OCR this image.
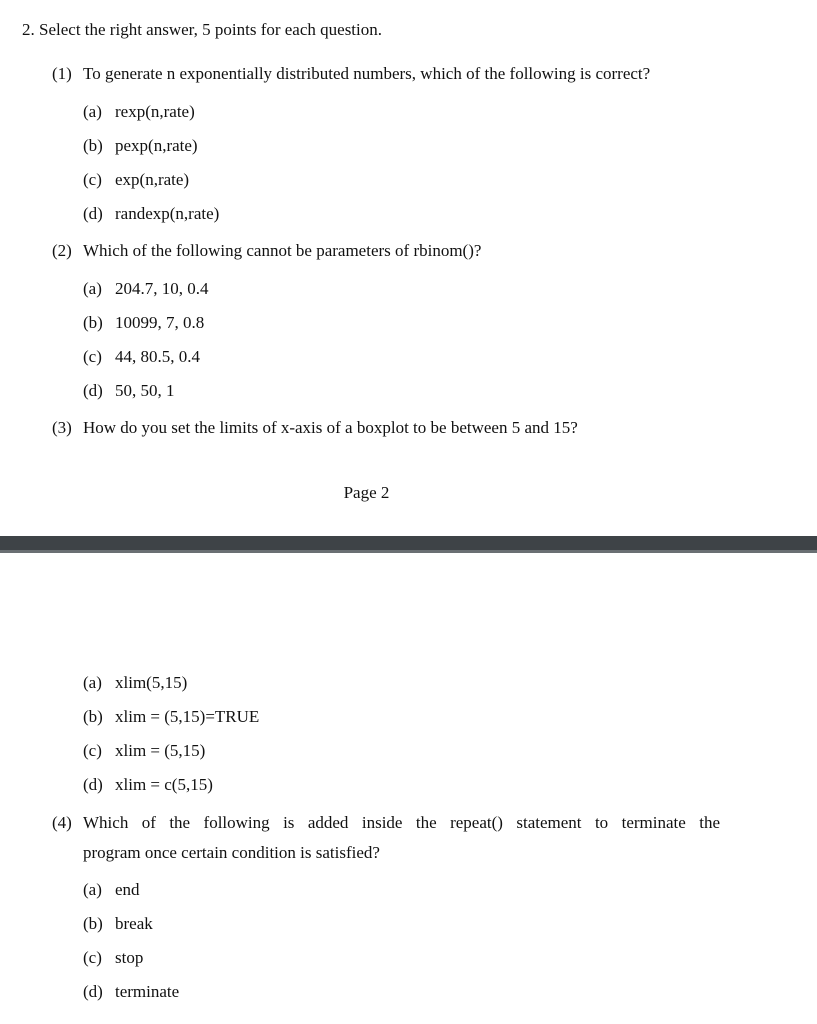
2. Select the right answer, 5 points for each question.
(1) To generate n exponentially distributed numbers, which of the following is correct?
(a) rexp(n,rate)
(b) pexp(n,rate)
(c) exp(n,rate)
(d) randexp(n,rate)
(2) Which of the following cannot be parameters of rbinom()?
(a) 204.7, 10, 0.4
(b) 10099, 7, 0.8
(c) 44, 80.5, 0.4
(d) 50, 50, 1
(3) How do you set the limits of x-axis of a boxplot to be between 5 and 15?
Page 2
(a) xlim(5,15)
(b) xlim = (5,15)=TRUE
(c) xlim = (5,15)
(d) xlim = c(5,15)
(4) Which of the following is added inside the repeat() statement to terminate the
program once certain condition is satisfied?
(a) end
(b) break
(c) stop
(d) terminate
